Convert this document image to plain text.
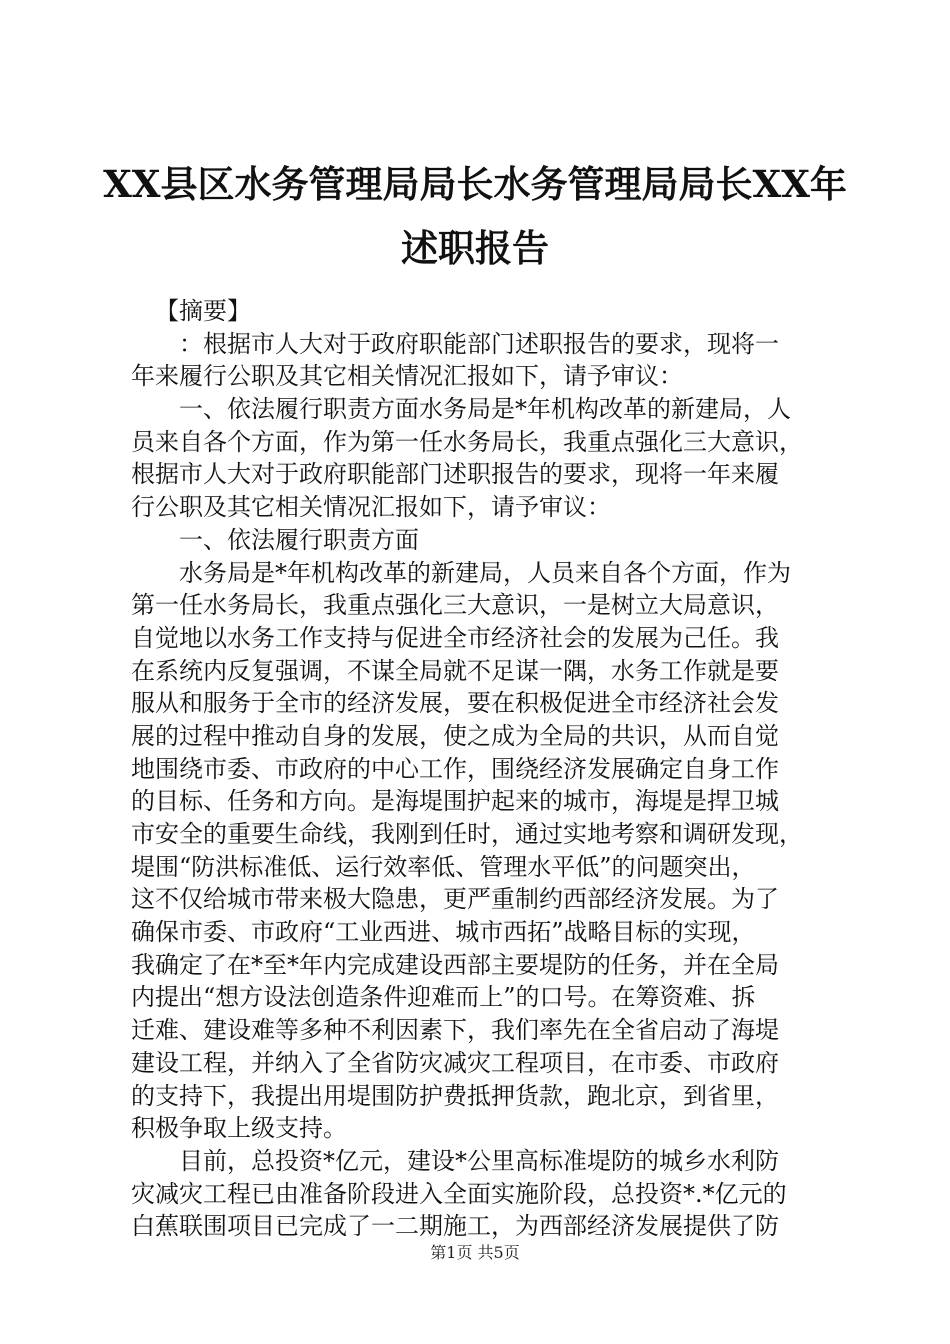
XX县区水务管理局局长水务管理局局长XX年
述职报告
【摘要】
：根据市人大对于政府职能部门述职报告的要求，现将一
年来履行公职及其它相关情况汇报如下，请予审议：
一、依法履行职责方面水务局是*年机构改革的新建局，人
员来自各个方面，作为第一任水务局长，我重点强化三大意识，
根据市人大对于政府职能部门述职报告的要求，现将一年来履
行公职及其它相关情况汇报如下，请予审议：
一、依法履行职责方面
水务局是*年机构改革的新建局，人员来自各个方面，作为
第一任水务局长，我重点强化三大意识，一是树立大局意识，
自觉地以水务工作支持与促进全市经济社会的发展为己任。我
在系统内反复强调，不谋全局就不足谋一隅，水务工作就是要
服从和服务于全市的经济发展，要在积极促进全市经济社会发
展的过程中推动自身的发展，使之成为全局的共识，从而自觉
地围绕市委、市政府的中心工作，围绕经济发展确定自身工作
的目标、任务和方向。是海堤围护起来的城市，海堤是捍卫城
市安全的重要生命线，我刚到任时，通过实地考察和调研发现，
堤围“防洪标准低、运行效率低、管理水平低”的问题突出，
这不仅给城市带来极大隐患，更严重制约西部经济发展。为了
确保市委、市政府“工业西进、城市西拓”战略目标的实现，
我确定了在*至*年内完成建设西部主要堤防的任务，并在全局
内提出“想方设法创造条件迎难而上”的口号。在筹资难、拆
迁难、建设难等多种不利因素下，我们率先在全省启动了海堤
建设工程，并纳入了全省防灾减灾工程项目，在市委、市政府
的支持下，我提出用堤围防护费抵押货款，跑北京，到省里，
积极争取上级支持。
目前，总投资*亿元，建设*公里高标准堤防的城乡水利防
灾减灾工程已由准备阶段进入全面实施阶段，总投资*.*亿元的
白蕉联围项目已完成了一二期施工，为西部经济发展提供了防
第1页 共5页
